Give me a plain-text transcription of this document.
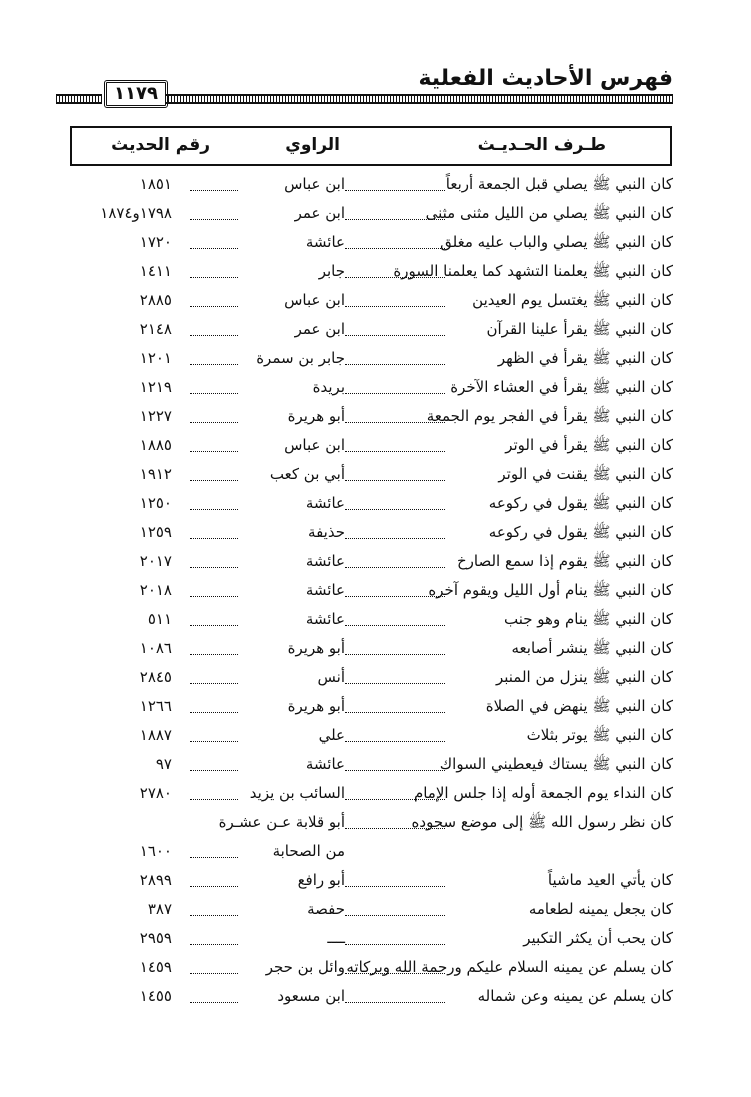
فهرس الأحاديث الفعلية
١١٧٩
طـرف الحـديـث
الراوي
رقم الحديث
كان النبي ﷺ يصلي قبل الجمعة أربعاً
ابن عباس
١٨٥١
كان النبي ﷺ يصلي من الليل مثنى مثنى
ابن عمر
١٧٩٨و١٨٧٤
كان النبي ﷺ يصلي والباب عليه مغلق
عائشة
١٧٢٠
كان النبي ﷺ يعلمنا التشهد كما يعلمنا السورة
جابر
١٤١١
كان النبي ﷺ يغتسل يوم العيدين
ابن عباس
٢٨٨٥
كان النبي ﷺ يقرأ علينا القرآن
ابن عمر
٢١٤٨
كان النبي ﷺ يقرأ في الظهر
جابر بن سمرة
١٢٠١
كان النبي ﷺ يقرأ في العشاء الآخرة
بريدة
١٢١٩
كان النبي ﷺ يقرأ في الفجر يوم الجمعة
أبو هريرة
١٢٢٧
كان النبي ﷺ يقرأ في الوتر
ابن عباس
١٨٨٥
كان النبي ﷺ يقنت في الوتر
أبي بن كعب
١٩١٢
كان النبي ﷺ يقول في ركوعه
عائشة
١٢٥٠
كان النبي ﷺ يقول في ركوعه
حذيفة
١٢٥٩
كان النبي ﷺ يقوم إذا سمع الصارخ
عائشة
٢٠١٧
كان النبي ﷺ ينام أول الليل ويقوم آخره
عائشة
٢٠١٨
كان النبي ﷺ ينام وهو جنب
عائشة
٥١١
كان النبي ﷺ ينشر أصابعه
أبو هريرة
١٠٨٦
كان النبي ﷺ ينزل من المنبر
أنس
٢٨٤٥
كان النبي ﷺ ينهض في الصلاة
أبو هريرة
١٢٦٦
كان النبي ﷺ يوتر بثلاث
علي
١٨٨٧
كان النبي ﷺ يستاك فيعطيني السواك
عائشة
٩٧
كان النداء يوم الجمعة أوله إذا جلس الإمام
السائب بن يزيد
٢٧٨٠
كان نظر رسول الله ﷺ إلى موضع سجوده
أبو قلابة عـن عشـرة
من الصحابة
١٦٠٠
كان يأتي العيد ماشياً
أبو رافع
٢٨٩٩
كان يجعل يمينه لطعامه
حفصة
٣٨٧
كان يحب أن يكثر التكبير
ــــ
٢٩٥٩
كان يسلم عن يمينه السلام عليكم ورحمة الله وبركاته
وائل بن حجر
١٤٥٩
كان يسلم عن يمينه وعن شماله
ابن مسعود
١٤٥٥
